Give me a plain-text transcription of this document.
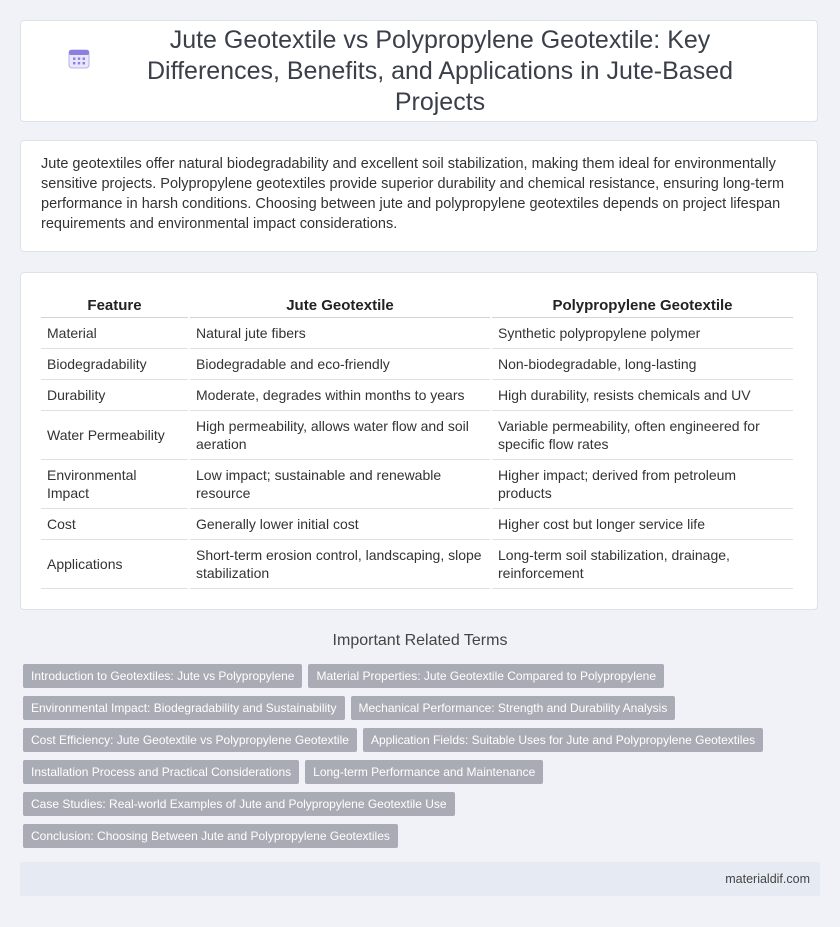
Jute Geotextile vs Polypropylene Geotextile: Key Differences, Benefits, and Applications in Jute-Based Projects

Jute geotextiles offer natural biodegradability and excellent soil stabilization, making them ideal for environmentally sensitive projects. Polypropylene geotextiles provide superior durability and chemical resistance, ensuring long-term performance in harsh conditions. Choosing between jute and polypropylene geotextiles depends on project lifespan requirements and environmental impact considerations.

Feature	Jute Geotextile	Polypropylene Geotextile
Material	Natural jute fibers	Synthetic polypropylene polymer
Biodegradability	Biodegradable and eco-friendly	Non-biodegradable, long-lasting
Durability	Moderate, degrades within months to years	High durability, resists chemicals and UV
Water Permeability	High permeability, allows water flow and soil aeration	Variable permeability, often engineered for specific flow rates
Environmental Impact	Low impact; sustainable and renewable resource	Higher impact; derived from petroleum products
Cost	Generally lower initial cost	Higher cost but longer service life
Applications	Short-term erosion control, landscaping, slope stabilization	Long-term soil stabilization, drainage, reinforcement
Important Related Terms
Introduction to Geotextiles: Jute vs Polypropylene Material Properties: Jute Geotextile Compared to Polypropylene
Environmental Impact: Biodegradability and Sustainability Mechanical Performance: Strength and Durability Analysis
Cost Efficiency: Jute Geotextile vs Polypropylene Geotextile Application Fields: Suitable Uses for Jute and Polypropylene Geotextiles
Installation Process and Practical Considerations Long-term Performance and Maintenance
Case Studies: Real-world Examples of Jute and Polypropylene Geotextile Use
Conclusion: Choosing Between Jute and Polypropylene Geotextiles
materialdif.com
